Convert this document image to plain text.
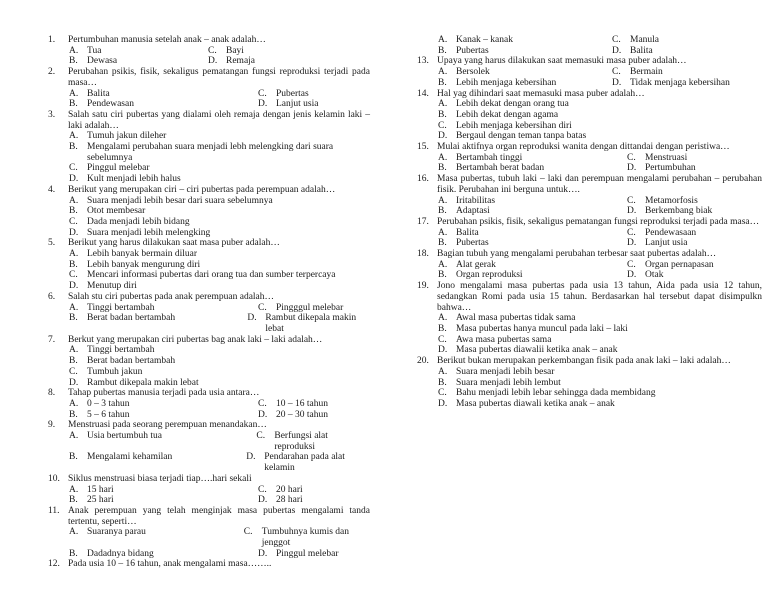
1. Pertumbuhan manusia setelah anak – anak adalah…
A. Tua	C. Bayi
B. Dewasa	D. Remaja
2. Perubahan psikis, fisik, sekaligus pematangan fungsi reproduksi terjadi pada masa…
A. Balita	C. Pubertas
B. Pendewasan	D. Lanjut usia
3. Salah satu ciri pubertas yang dialami oleh remaja dengan jenis kelamin laki – laki adalah…
A. Tumuh jakun dileher
B. Mengalami perubahan suara menjadi lebh melengking dari suara sebelumnya
C. Pinggul melebar
D. Kult menjadi lebih halus
4. Berikut yang merupakan ciri – ciri pubertas pada perempuan adalah…
A. Suara menjadi lebih besar dari suara sebelumnya
B. Otot membesar
C. Dada menjadi lebih bidang
D. Suara menjadi lebih melengking
5. Berikut yang harus dilakukan saat masa puber adalah…
A. Lebih banyak bermain diluar
B. Lebih banyak mengurung diri
C. Mencari informasi pubertas dari orang tua dan sumber terpercaya
D. Menutup diri
6. Salah stu ciri pubertas pada anak perempuan adalah…
A. Tinggi bertambah	C. Pingggul melebar
B. Berat badan bertambah	D. Rambut dikepala makin lebat
7. Berkut yang merupakan ciri pubertas bag anak laki – laki adalah…
A. Tinggi bertambah
B. Berat badan bertambah
C. Tumbuh jakun
D. Rambut dikepala makin lebat
8. Tahap pubertas manusia terjadi pada usia antara…
A. 0 – 3 tahun	C. 10 – 16 tahun
B. 5 – 6 tahun	D. 20 – 30 tahun
9. Menstruasi pada seorang perempuan menandakan…
A. Usia bertumbuh tua	C. Berfungsi alat reproduksi
B. Mengalami kehamilan	D. Pendarahan pada alat kelamin
10. Siklus menstruasi biasa terjadi tiap….hari sekali
A. 15 hari	C. 20 hari
B. 25 hari	D. 28 hari
11. Anak perempuan yang telah menginjak masa pubertas mengalami tanda tertentu, seperti…
A. Suaranya parau	C. Tumbuhnya kumis dan jenggot
B. Dadadnya bidang	D. Pinggul melebar
12. Pada usia 10 – 16 tahun, anak mengalami masa……..
A. Kanak – kanak	C. Manula
B. Pubertas	D. Balita
13. Upaya yang harus dilakukan saat memasuki masa puber adalah…
A. Bersolek	C. Bermain
B. Lebih menjaga kebersihan	D. Tidak menjaga kebersihan
14. Hal yag dihindari saat memasuki masa puber adalah…
A. Lebih dekat dengan orang tua
B. Lebih dekat dengan agama
C. Lebih menjaga kebersihan diri
D. Bergaul dengan teman tanpa batas
15. Mulai aktifnya organ reproduksi wanita dengan dittandai dengan peristiwa…
A. Bertambah tinggi	C. Menstruasi
B. Bertambah berat badan	D. Pertumbuhan
16. Masa pubertas, tubuh laki – laki dan perempuan mengalami perubahan – perubahan fisik. Perubahan ini berguna untuk….
A. Iritabilitas	C. Metamorfosis
B. Adaptasi	D. Berkembang biak
17. Perubahan psikis, fisik, sekaligus pematangan fungsi reproduksi terjadi pada masa…
A. Balita	C. Pendewasaan
B. Pubertas	D. Lanjut usia
18. Bagian tubuh yang mengalami perubahan terbesar saat pubertas adalah…
A. Alat gerak	C. Organ pernapasan
B. Organ reproduksi	D. Otak
19. Jono mengalami masa pubertas pada usia 13 tahun, Aida pada usia 12 tahun, sedangkan Romi pada usia 15 tahun. Berdasarkan hal tersebut dapat disimpulkn bahwa…
A. Awal masa pubertas tidak sama
B. Masa pubertas hanya muncul pada laki – laki
C. Awa masa pubertas sama
D. Masa pubertas diawalii ketika anak – anak
20. Berikut bukan merupakan perkembangan fisik pada anak laki – laki adalah…
A. Suara menjadi lebih besar
B. Suara menjadi lebih lembut
C. Bahu menjadi lebih lebar sehingga dada membidang
D. Masa pubertas diawali ketika anak – anak
